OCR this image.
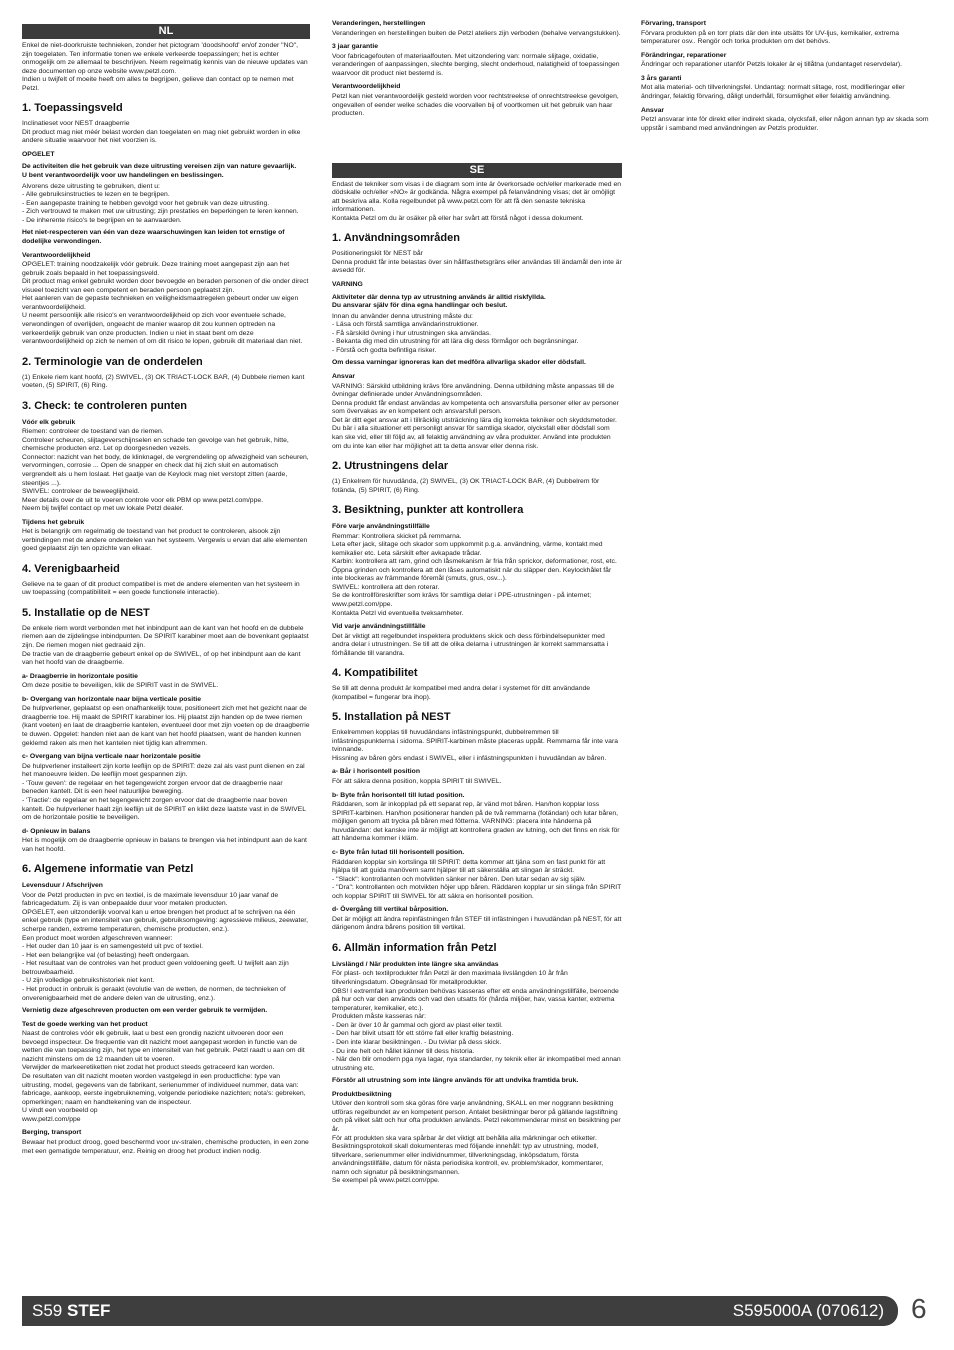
NL

Enkel de niet-doorkruiste technieken, zonder het pictogram 'doodshoofd' en/of zonder "NO", zijn toegelaten. Ten informatie tonen we enkele verkeerde toepassingen; het is echter onmogelijk om ze allemaal te beschrijven. Neem regelmatig kennis van de nieuwe updates van deze documenten op onze website www.petzl.com.
Indien u twijfelt of moeite heeft om alles te begrijpen, gelieve dan contact op te nemen met Petzl.

1. Toepassingsveld

Inclinatieset voor NEST draagberrie
Dit product mag niet méér belast worden dan toegelaten en mag niet gebruikt worden in elke andere situatie waarvoor het niet voorzien is.

OPGELET
De activiteiten die het gebruik van deze uitrusting vereisen zijn van nature gevaarlijk.
U bent verantwoordelijk voor uw handelingen en beslissingen.

Alvorens deze uitrusting te gebruiken, dient u:
- Alle gebruiksinstructies te lezen en te begrijpen.
- Een aangepaste training te hebben gevolgd voor het gebruik van deze uitrusting.
- Zich vertrouwd te maken met uw uitrusting; zijn prestaties en beperkingen te leren kennen.
- De inherente risico's te begrijpen en te aanvaarden.

Het niet-respecteren van één van deze waarschuwingen kan leiden tot ernstige of dodelijke verwondingen.
Verantwoordelijkheid

OPGELET: training noodzakelijk vóór gebruik. Deze training moet aangepast zijn aan het gebruik zoals bepaald in het toepassingsveld.
Dit product mag enkel gebruikt worden door bevoegde en beraden personen of die onder direct visueel toezicht van een competent en beraden persoon geplaatst zijn.
Het aanleren van de gepaste technieken en veiligheidsmaatregelen gebeurt onder uw eigen verantwoordelijkheid.
U neemt persoonlijk alle risico's en verantwoordelijkheid op zich voor eventuele schade, verwondingen of overlijden, ongeacht de manier waarop dit zou kunnen optreden na verkeerdelijk gebruik van onze producten. Indien u niet in staat bent om deze verantwoordelijkheid op zich te nemen of om dit risico te lopen, gebruik dit materiaal dan niet.

2. Terminologie van de onderdelen

(1) Enkele riem kant hoofd, (2) SWIVEL, (3) OK TRIACT-LOCK BAR, (4) Dubbele riemen kant voeten, (5) SPIRIT, (6) Ring.

3. Check: te controleren punten
Vóór elk gebruik

Riemen: controleer de toestand van de riemen.
Controleer scheuren, slijtageverschijnselen en schade ten gevolge van het gebruik, hitte, chemische producten enz. Let op doorgesneden vezels.
Connector: nazicht van het body, de klinknagel, de vergrendeling op afwezigheid van scheuren, vervormingen, corrosie ... Open de snapper en check dat hij zich sluit en automatisch vergrendelt als u hem loslaat. Het gaatje van de Keylock mag niet verstopt zitten (aarde, steentjes ...).
SWIVEL: controleer de beweeglijkheid.
Meer details over de uit te voeren controle voor elk PBM op www.petzl.com/ppe.
Neem bij twijfel contact op met uw lokale Petzl dealer.

Tijdens het gebruik

Het is belangrijk om regelmatig de toestand van het product te controleren, alsook zijn verbindingen met de andere onderdelen van het systeem. Vergewis u ervan dat alle elementen goed geplaatst zijn ten opzichte van elkaar.

4. Verenigbaarheid

Gelieve na te gaan of dit product compatibel is met de andere elementen van het systeem in uw toepassing (compatibiliteit = een goede functionele interactie).

5. Installatie op de NEST

De enkele riem wordt verbonden met het inbindpunt aan de kant van het hoofd en de dubbele riemen aan de zijdelingse inbindpunten. De SPIRIT karabiner moet aan de bovenkant geplaatst zijn. De riemen mogen niet gedraaid zijn.
De tractie van de draagberrie gebeurt enkel op de SWIVEL, of op het inbindpunt aan de kant van het hoofd van de draagberrie.

a- Draagberrie in horizontale positie

Om deze positie te beveiligen, klik de SPIRIT vast in de SWIVEL.

b- Overgang van horizontale naar bijna verticale positie

De hulpverlener, geplaatst op een onafhankelijk touw, positioneert zich met het gezicht naar de draagberrie toe. Hij maakt de SPIRIT karabiner los. Hij plaatst zijn handen op de twee riemen (kant voeten) en laat de draagberrie kantelen, eventueel door met zijn voeten op de draagberrie te duwen. Opgelet: handen niet aan de kant van het hoofd plaatsen, want de handen kunnen geklemd raken als men het kantelen niet tijdig kan afremmen.

c- Overgang van bijna verticale naar horizontale positie

De hulpverlener installeert zijn korte leeflijn op de SPIRIT: deze zal als vast punt dienen en zal het manoeuvre leiden. De leeflijn moet gespannen zijn.
- 'Touw geven': de regelaar en het tegengewicht zorgen ervoor dat de draagberrie naar beneden kantelt. Dit is een heel natuurlijke beweging.
- 'Tractie': de regelaar en het tegengewicht zorgen ervoor dat de draagberrie naar boven kantelt. De hulpverlener haalt zijn leeflijn uit de SPIRIT en klikt deze laatste vast in de SWIVEL om de horizontale positie te beveiligen.

d- Opnieuw in balans

Het is mogelijk om de draagberrie opnieuw in balans te brengen via het inbindpunt aan de kant van het hoofd.

6. Algemene informatie van Petzl
Levensduur / Afschrijven

Voor de Petzl producten in pvc en textiel, is de maximale levensduur 10 jaar vanaf de fabricagedatum. Zij is van onbepaalde duur voor metalen producten.
OPGELET, een uitzonderlijk voorval kan u ertoe brengen het product af te schrijven na één enkel gebruik (type en intensiteit van gebruik, gebruiksomgeving: agressieve milieus, zeewater, scherpe randen, extreme temperaturen, chemische producten, enz.).
Een product moet worden afgeschreven wanneer:
- Het ouder dan 10 jaar is en samengesteld uit pvc of textiel.
- Het een belangrijke val (of belasting) heeft ondergaan.
- Het resultaat van de controles van het product geen voldoening geeft. U twijfelt aan zijn betrouwbaarheid.
- U zijn volledige gebruikshistoriek niet kent.
- Het product in onbruik is geraakt (evolutie van de wetten, de normen, de technieken of onverenigbaarheid met de andere delen van de uitrusting, enz.).

Vernietig deze afgeschreven producten om een verder gebruik te vermijden.
Test de goede werking van het product

Naast de controles vóór elk gebruik, laat u best een grondig nazicht uitvoeren door een bevoegd inspecteur. De frequentie van dit nazicht moet aangepast worden in functie van de wetten die van toepassing zijn, het type en intensiteit van het gebruik. Petzl raadt u aan om dit nazicht minstens om de 12 maanden uit te voeren.
Verwijder de markeeretiketten niet zodat het product steeds getraceerd kan worden.
De resultaten van dit nazicht moeten worden vastgelegd in een productfiche: type van uitrusting, model, gegevens van de fabrikant, serienummer of individueel nummer, data van: fabricage, aankoop, eerste ingebruikneming, volgende periodieke nazichten; nota's: gebreken, opmerkingen; naam en handtekening van de inspecteur.
U vindt een voorbeeld op
www.petzl.com/ppe

Berging, transport

Bewaar het product droog, goed beschermd voor uv-stralen, chemische producten, in een zone met een gematigde temperatuur, enz. Reinig en droog het product indien nodig.

Veranderingen, herstellingen

Veranderingen en herstellingen buiten de Petzl ateliers zijn verboden (behalve vervangstukken).

3 jaar garantie

Voor fabricagefouten of materiaalfouten. Met uitzondering van: normale slijtage, oxidatie, veranderingen of aanpassingen, slechte berging, slecht onderhoud, nalatigheid of toepassingen waarvoor dit product niet bestemd is.

Verantwoordelijkheid

Petzl kan niet verantwoordelijk gesteld worden voor rechtstreekse of onrechtstreekse gevolgen, ongevallen of eender welke schades die voorvallen bij of voortkomen uit het gebruik van haar producten.

SE

Endast de tekniker som visas i de diagram som inte är överkorsade och/eller markerade med en dödskalle och/eller «NO» är godkända. Några exempel på felanvändning visas; det är omöjligt att beskriva alla. Kolla regelbundet på www.petzl.com för att få den senaste tekniska informationen.
Kontakta Petzl om du är osäker på eller har svårt att förstå något i dessa dokument.

1. Användningsområden

Positioneringskit för NEST bår
Denna produkt får inte belastas över sin hållfasthetsgräns eller användas till ändamål den inte är avsedd för.

VARNING
Aktiviteter där denna typ av utrustning används är alltid riskfyllda.
Du ansvarar själv för dina egna handlingar och beslut.

Innan du använder denna utrustning måste du:
- Läsa och förstå samtliga användarinstruktioner.
- Få särskild övning i hur utrustningen ska användas.
- Bekanta dig med din utrustning för att lära dig dess förmågor och begränsningar.
- Förstå och godta befintliga risker.

Om dessa varningar ignoreras kan det medföra allvarliga skador eller dödsfall.
Ansvar

VARNING: Särskild utbildning krävs före användning. Denna utbildning måste anpassas till de övningar definierade under Användningsområden.
Denna produkt får endast användas av kompetenta och ansvarsfulla personer eller av personer som övervakas av en kompetent och ansvarsfull person.
Det är ditt eget ansvar att i tillräcklig utsträckning lära dig korrekta tekniker och skyddsmetoder.
Du bär i alla situationer ett personligt ansvar för samtliga skador, olycksfall eller dödsfall som kan ske vid, eller till följd av, all felaktig användning av våra produkter. Använd inte produkten om du inte kan eller har möjlighet att ta detta ansvar eller denna risk.

2. Utrustningens delar

(1) Enkelrem för huvudända, (2) SWIVEL, (3) OK TRIACT-LOCK BAR, (4) Dubbelrem för fotända, (5) SPIRIT, (6) Ring.

3. Besiktning, punkter att kontrollera
Före varje användningstillfälle

Remmar: Kontrollera skicket på remmarna.
Leta efter jack, slitage och skador som uppkommit p.g.a. användning, värme, kontakt med kemikalier etc. Leta särskilt efter avkapade trådar.
Karbin: kontrollera att ram, grind och låsmekanism är fria från sprickor, deformationer, rost, etc. Öppna grinden och kontrollera att den låses automatiskt när du släpper den. Keylockhålet får inte blockeras av främmande föremål (smuts, grus, osv...).
SWIVEL: kontrollera att den roterar.
Se de kontrollföreskrifter som krävs för samtliga delar i PPE-utrustningen - på internet; www.petzl.com/ppe.
Kontakta Petzl vid eventuella tveksamheter.

Vid varje användningstillfälle

Det är viktigt att regelbundet inspektera produktens skick och dess förbindelsepunkter med andra delar i utrustningen. Se till att de olika delarna i utrustningen är korrekt sammansatta i förhållande till varandra.

4. Kompatibilitet

Se till att denna produkt är kompatibel med andra delar i systemet för ditt användande (kompatibel = fungerar bra ihop).

5. Installation på NEST

Enkelremmen kopplas till huvudändans infästningspunkt, dubbelremmen till infästningspunkterna i sidorna. SPIRIT-karbinen måste placeras uppåt. Remmarna får inte vara tvinnande.
Hissning av båren görs endast i SWIVEL, eller i infästningspunkten i huvudändan av båren.

a- Bår i horisontell position

För att säkra denna position, koppla SPIRIT till SWIVEL.

b- Byte från horisontell till lutad position.

Räddaren, som är inkopplad på ett separat rep, är vänd mot båren. Han/hon kopplar loss SPIRIT-karbinen. Han/hon positionerar handen på de två remmarna (fotändan) och lutar båren, möjligen genom att trycka på båren med fötterna. VARNING: placera inte händerna på huvudändan: det kanske inte är möjligt att kontrollera graden av lutning, och det finns en risk för att händerna kommer i kläm.

c- Byte från lutad till horisontell position.

Räddaren kopplar sin kortslinga till SPIRIT: detta kommer att tjäna som en fast punkt för att hjälpa till att guida manövern samt hjälper till att säkerställa att slingan är sträckt.
- "Slack": kontrollanten och motvikten sänker ner båren. Den lutar sedan av sig själv.
- "Dra": kontrollanten och motvikten höjer upp båren. Räddaren kopplar ur sin slinga från SPIRIT och kopplar SPIRIT till SWIVEL för att säkra en horisontell position.

d- Övergång till vertikal bårposition.

Det är möjligt att ändra repinfästningen från STEF till infästningen i huvudändan på NEST, för att därigenom ändra bårens position till vertikal.

6. Allmän information från Petzl
Livslängd / När produkten inte längre ska användas

För plast- och textilprodukter från Petzl är den maximala livslängden 10 år från tillverkningsdatum. Obegränsad för metallprodukter.
OBS! I extremfall kan produkten behövas kasseras efter ett enda användningstillfälle, beroende på hur och var den används och vad den utsatts för (hårda miljöer, hav, vassa kanter, extrema temperaturer, kemikalier, etc.).
Produkten måste kasseras när:
- Den är över 10 år gammal och gjord av plast eller textil.
- Den har blivit utsatt för ett större fall eller kraftig belastning.
- Den inte klarar besiktningen. - Du tvivlar på dess skick.
- Du inte helt och hållet känner till dess historia.
- När den blir omodern pga nya lagar, nya standarder, ny teknik eller är inkompatibel med annan utrustning etc.

Förstör all utrustning som inte längre används för att undvika framtida bruk.
Produktbesiktning

Utöver den kontroll som ska göras före varje användning, SKALL en mer noggrann besiktning utföras regelbundet av en kompetent person. Antalet besiktningar beror på gällande lagstiftning och på vilket sätt och hur ofta produkten används. Petzl rekommenderar minst en besiktning per år.
För att produkten ska vara spårbar är det viktigt att behålla alla märkningar och etiketter.
Besiktningsprotokoll skall dokumenteras med följande innehåll: typ av utrustning, modell, tillverkare, serienummer eller individnummer, tillverkningsdag, inköpsdatum, första användningstillfälle, datum för nästa periodiska kontroll, ev. problem/skador, kommentarer, namn och signatur på besiktningsmannen.
Se exempel på www.petzl.com/ppe.

Förvaring, transport

Förvara produkten på en torr plats där den inte utsätts för UV-ljus, kemikalier, extrema temperaturer osv.. Rengör och torka produkten om det behövs.

Förändringar, reparationer

Ändringar och reparationer utanför Petzls lokaler är ej tillåtna (undantaget reservdelar).

3 års garanti

Mot alla material- och tillverkningsfel. Undantag: normalt slitage, rost, modifieringar eller ändringar, felaktig förvaring, dåligt underhåll, försumlighet eller felaktig användning.

Ansvar

Petzl ansvarar inte för direkt eller indirekt skada, olycksfall, eller någon annan typ av skada som uppstår i samband med användningen av Petzls produkter.

S59 STEF	S595000A (070612) 6
